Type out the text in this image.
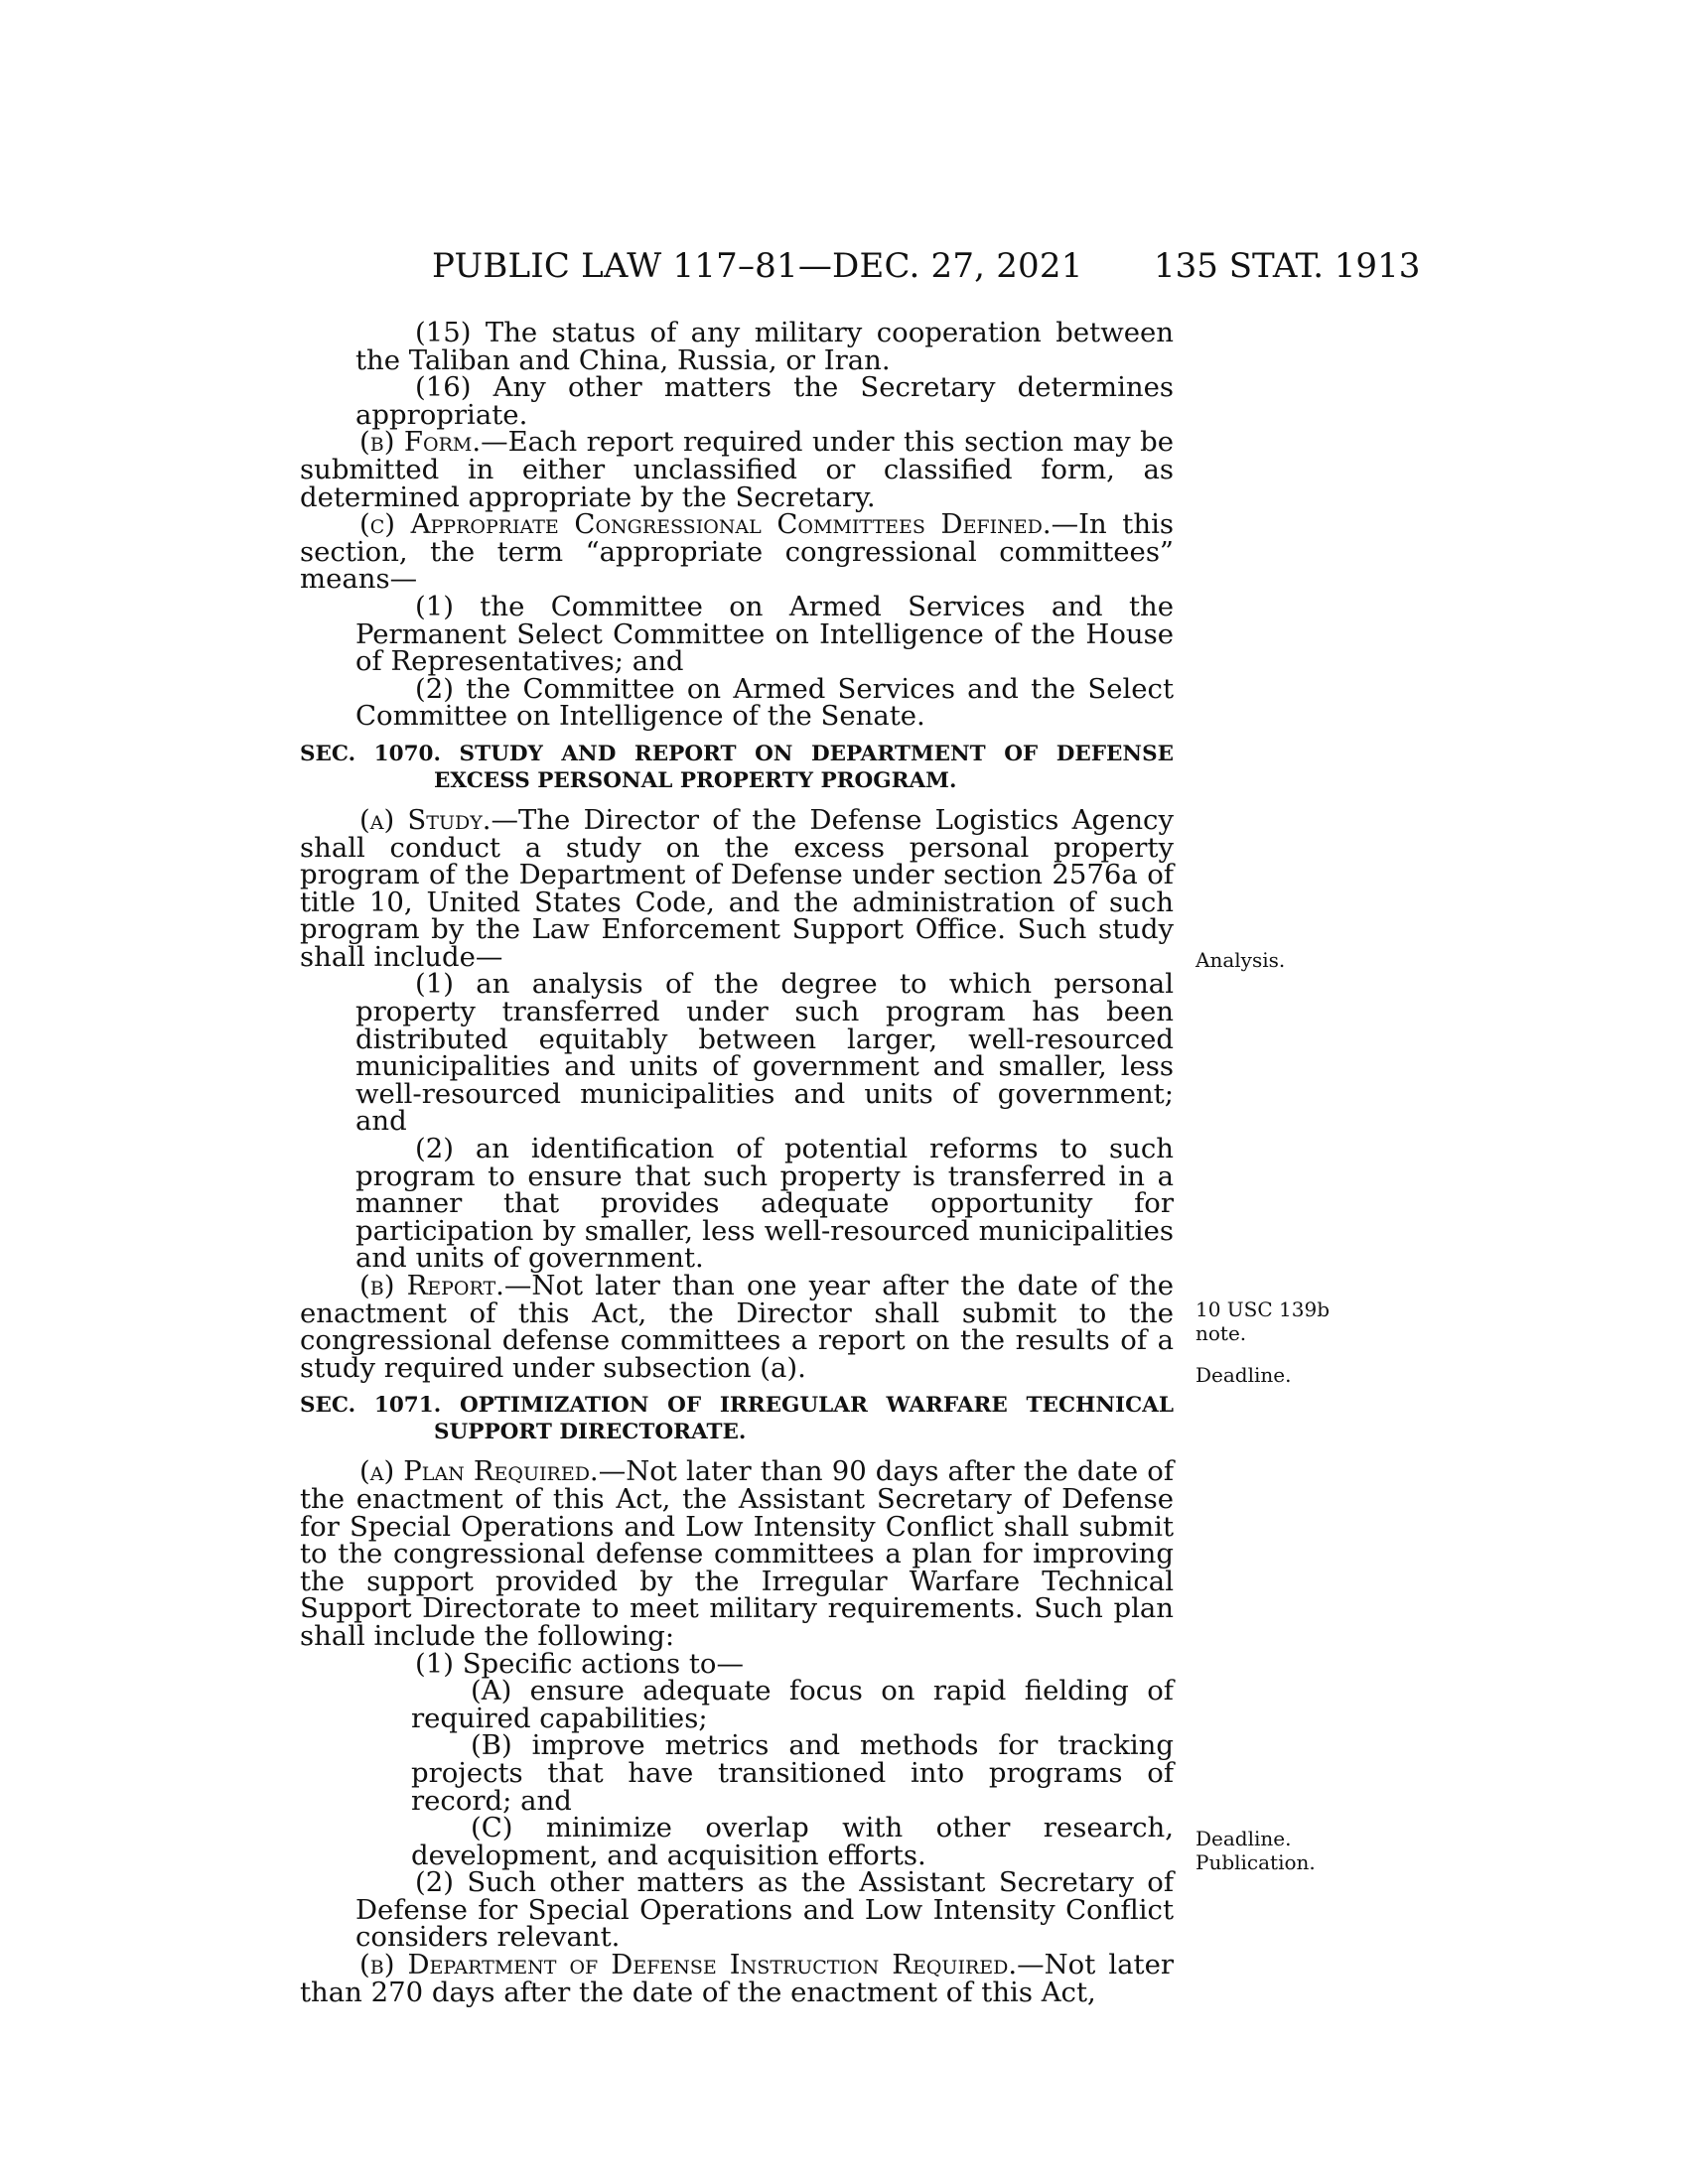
PUBLIC LAW 117–81—DEC. 27, 2021 135 STAT. 1913

(15) The status of any military cooperation between the Taliban and China, Russia, or Iran.

(16) Any other matters the Secretary determines appropriate.

(b) Form.—Each report required under this section may be submitted in either unclassified or classified form, as determined appropriate by the Secretary.

(c) Appropriate Congressional Committees Defined.—In this section, the term “appropriate congressional committees” means—

(1) the Committee on Armed Services and the Permanent Select Committee on Intelligence of the House of Representatives; and

(2) the Committee on Armed Services and the Select Committee on Intelligence of the Senate.

SEC. 1070. STUDY AND REPORT ON DEPARTMENT OF DEFENSE EXCESS PERSONAL PROPERTY PROGRAM.

(a) Study.—The Director of the Defense Logistics Agency shall conduct a study on the excess personal property program of the Department of Defense under section 2576a of title 10, United States Code, and the administration of such program by the Law Enforcement Support Office. Such study shall include—

(1) an analysis of the degree to which personal property transferred under such program has been distributed equitably between larger, well-resourced municipalities and units of government and smaller, less well-resourced municipalities and units of government; and

(2) an identification of potential reforms to such program to ensure that such property is transferred in a manner that provides adequate opportunity for participation by smaller, less well-resourced municipalities and units of government.

(b) Report.—Not later than one year after the date of the enactment of this Act, the Director shall submit to the congressional defense committees a report on the results of a study required under subsection (a).

SEC. 1071. OPTIMIZATION OF IRREGULAR WARFARE TECHNICAL SUPPORT DIRECTORATE.

(a) Plan Required.—Not later than 90 days after the date of the enactment of this Act, the Assistant Secretary of Defense for Special Operations and Low Intensity Conflict shall submit to the congressional defense committees a plan for improving the support provided by the Irregular Warfare Technical Support Directorate to meet military requirements. Such plan shall include the following:

(1) Specific actions to—

(A) ensure adequate focus on rapid fielding of required capabilities;

(B) improve metrics and methods for tracking projects that have transitioned into programs of record; and

(C) minimize overlap with other research, development, and acquisition efforts.

(2) Such other matters as the Assistant Secretary of Defense for Special Operations and Low Intensity Conflict considers relevant.

(b) Department of Defense Instruction Required.—Not later than 270 days after the date of the enactment of this Act,

Analysis.
10 USC 139b
note.
Deadline.
Deadline.
Publication.
